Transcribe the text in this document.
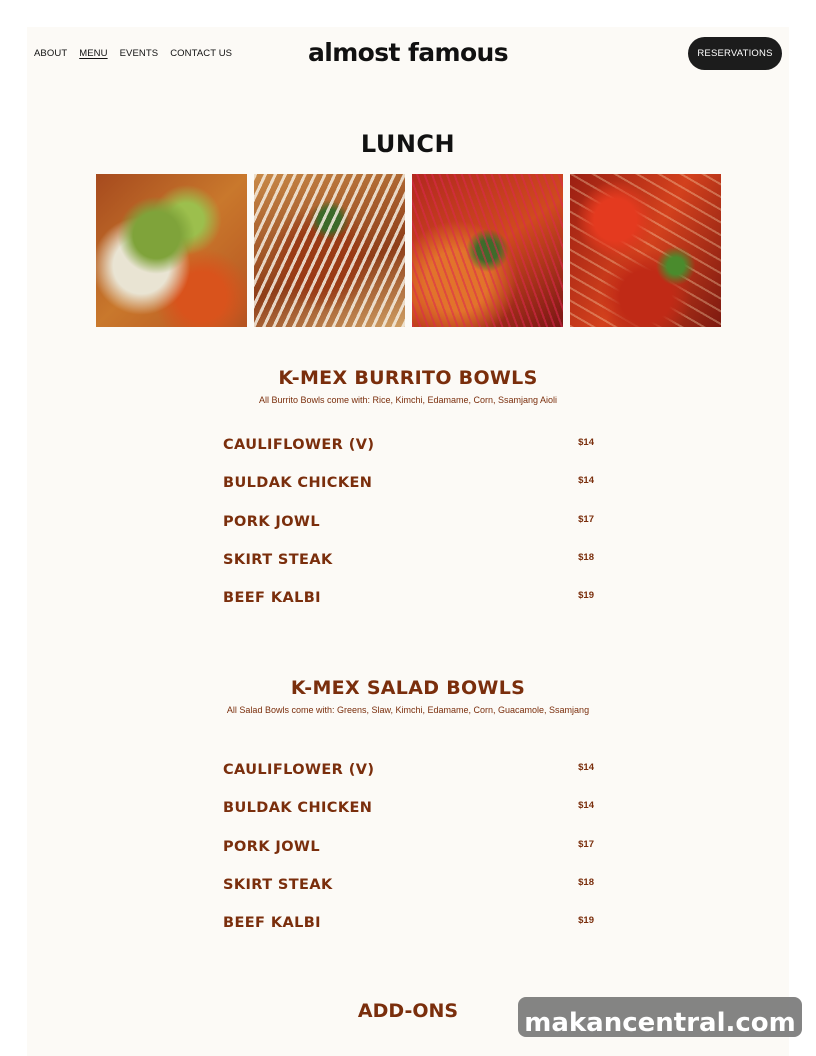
ABOUT MENU EVENTS CONTACT US	almost famous	RESERVATIONS
LUNCH
K-MEX BURRITO BOWLS

All Burrito Bowls come with: Rice, Kimchi, Edamame, Corn, Ssamjang Aioli

CAULIFLOWER (V)	$14
BULDAK CHICKEN	$14
PORK JOWL	$17
SKIRT STEAK	$18
BEEF KALBI	$19
K-MEX SALAD BOWLS

All Salad Bowls come with: Greens, Slaw, Kimchi, Edamame, Corn, Guacamole, Ssamjang

CAULIFLOWER (V)	$14
BULDAK CHICKEN	$14
PORK JOWL	$17
SKIRT STEAK	$18
BEEF KALBI	$19
ADD-ONS	makancentral.com
